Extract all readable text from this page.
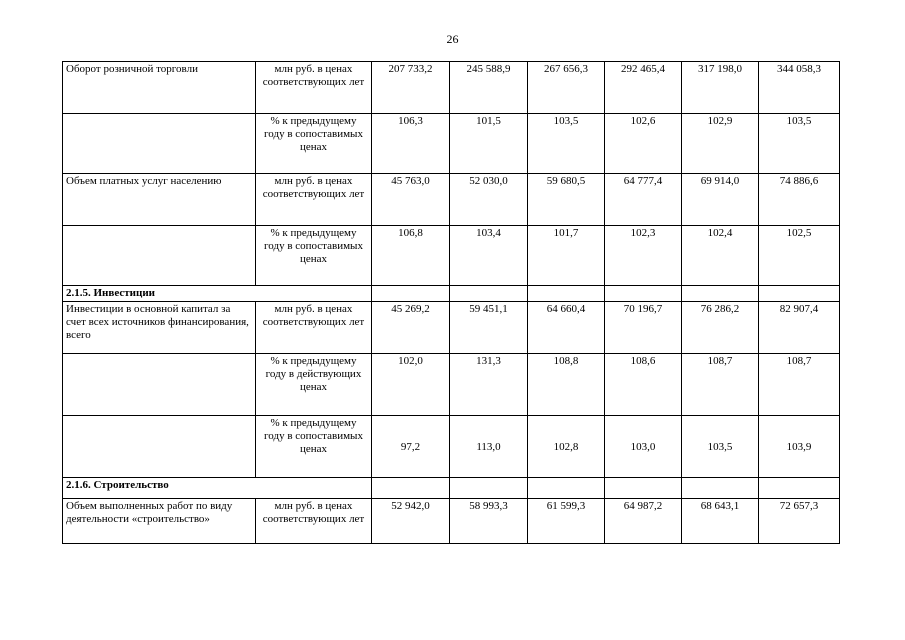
26
Оборот розничной торговли	млн руб. в ценах соответствующих лет	207 733,2	245 588,9	267 656,3	292 465,4	317 198,0	344 058,3
	% к предыдущему году в сопоставимых ценах	106,3	101,5	103,5	102,6	102,9	103,5
Объем платных услуг населению	млн руб. в ценах соответствующих лет	45 763,0	52 030,0	59 680,5	64 777,4	69 914,0	74 886,6
	% к предыдущему году в сопоставимых ценах	106,8	103,4	101,7	102,3	102,4	102,5
2.1.5. Инвестиции							
Инвестиции в основной капитал за счет всех источников финансирования, всего	млн руб. в ценах соответствующих лет	45 269,2	59 451,1	64 660,4	70 196,7	76 286,2	82 907,4
	% к предыдущему году в действующих ценах	102,0	131,3	108,8	108,6	108,7	108,7
	% к предыдущему году в сопоставимых ценах	97,2	113,0	102,8	103,0	103,5	103,9
2.1.6. Строительство							
Объем выполненных работ по виду деятельности «строительство»	млн руб. в ценах соответствующих лет	52 942,0	58 993,3	61 599,3	64 987,2	68 643,1	72 657,3
